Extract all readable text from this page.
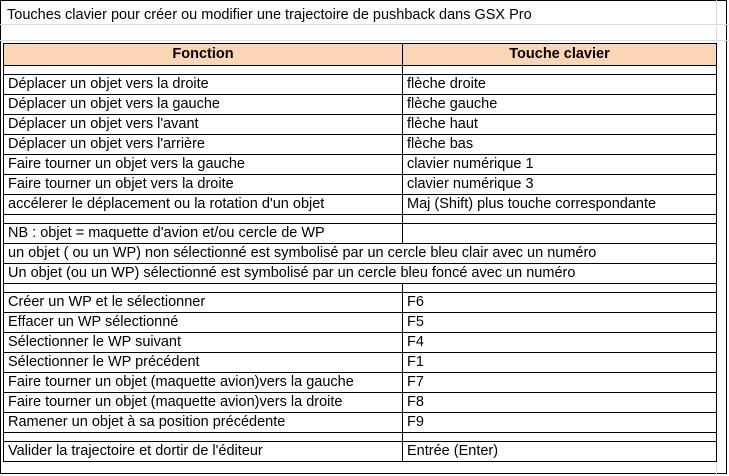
Touches clavier pour créer ou modifier une trajectoire de pushback dans GSX Pro
Fonction	Touche clavier

Déplacer un objet vers la droite	flèche droite
Déplacer un objet vers la gauche	flèche gauche
Déplacer un objet vers l'avant	flèche haut
Déplacer un objet vers l'arrière	flèche bas
Faire tourner un objet vers la gauche	clavier numérique 1
Faire tourner un objet vers la droite	clavier numérique 3
accélerer le déplacement ou la rotation d'un objet	Maj (Shift) plus touche correspondante

NB : objet = maquette d'avion et/ou cercle de WP	
un objet ( ou un WP) non sélectionné est symbolisé par un cercle bleu clair avec un numéro	
Un objet (ou un WP) sélectionné est symbolisé par un cercle bleu foncé avec un numéro	

Créer un WP et le sélectionner	F6
Effacer un WP sélectionné	F5
Sélectionner le WP suivant	F4
Sélectionner le WP précédent	F1
Faire tourner un objet (maquette avion)vers la gauche	F7
Faire tourner un objet (maquette avion)vers la droite	F8
Ramener un objet à sa position précédente	F9

Valider la trajectoire et dortir de l'éditeur	Entrée (Enter)
